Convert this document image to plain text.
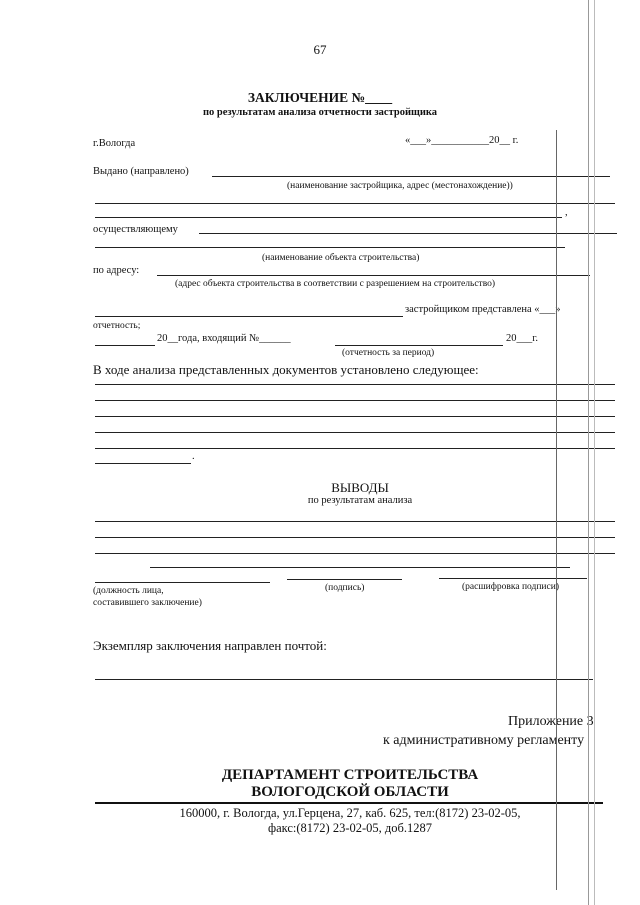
67
ЗАКЛЮЧЕНИЕ №____
по результатам анализа отчетности застройщика
г.Вологда	«___»___________20__ г.
Выдано (направлено)
(наименование застройщика, адрес (местонахождение))
,
осуществляющему
(наименование объекта строительства)
по адресу:
(адрес объекта строительства в соответствии с разрешением на строительство)
застройщиком представлена «___»
отчетность;
20__года, входящий №______	20___г.
(отчетность за период)
В ходе анализа представленных документов установлено следующее:
.
ВЫВОДЫ
по результатам анализа
(должность лица,
составившего заключение)
(подпись)	(расшифровка подписи)
Экземпляр заключения направлен почтой:
Приложение 3
к административному регламенту
ДЕПАРТАМЕНТ СТРОИТЕЛЬСТВА
ВОЛОГОДСКОЙ ОБЛАСТИ
160000, г. Вологда, ул.Герцена, 27, каб. 625, тел:(8172) 23-02-05,
факс:(8172) 23-02-05, доб.1287
